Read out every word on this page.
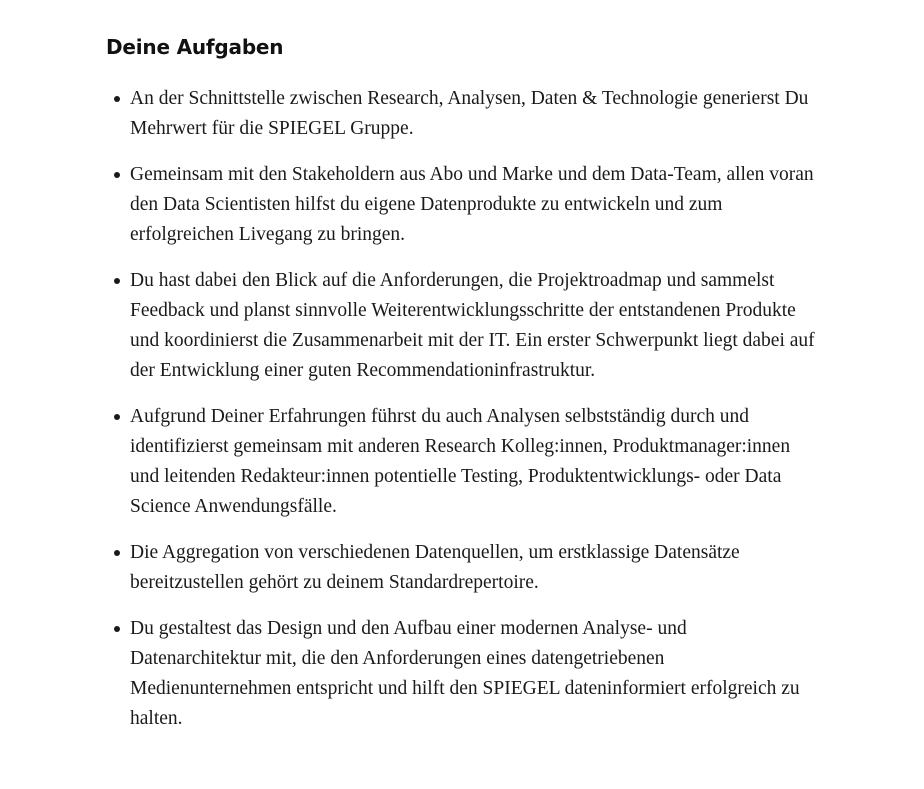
Deine Aufgaben
An der Schnittstelle zwischen Research, Analysen, Daten & Technologie generierst Du Mehrwert für die SPIEGEL Gruppe.
Gemeinsam mit den Stakeholdern aus Abo und Marke und dem Data-Team, allen voran den Data Scientisten hilfst du eigene Datenprodukte zu entwickeln und zum erfolgreichen Livegang zu bringen.
Du hast dabei den Blick auf die Anforderungen, die Projektroadmap und sammelst Feedback und planst sinnvolle Weiterentwicklungsschritte der entstandenen Produkte und koordinierst die Zusammenarbeit mit der IT. Ein erster Schwerpunkt liegt dabei auf der Entwicklung einer guten Recommendationinfrastruktur.
Aufgrund Deiner Erfahrungen führst du auch Analysen selbstständig durch und identifizierst gemeinsam mit anderen Research Kolleg:innen, Produktmanager:innen und leitenden Redakteur:innen potentielle Testing, Produktentwicklungs- oder Data Science Anwendungsfälle.
Die Aggregation von verschiedenen Datenquellen, um erstklassige Datensätze bereitzustellen gehört zu deinem Standardrepertoire.
Du gestaltest das Design und den Aufbau einer modernen Analyse- und Datenarchitektur mit, die den Anforderungen eines datengetriebenen Medienunternehmen entspricht und hilft den SPIEGEL dateninformiert erfolgreich zu halten.
